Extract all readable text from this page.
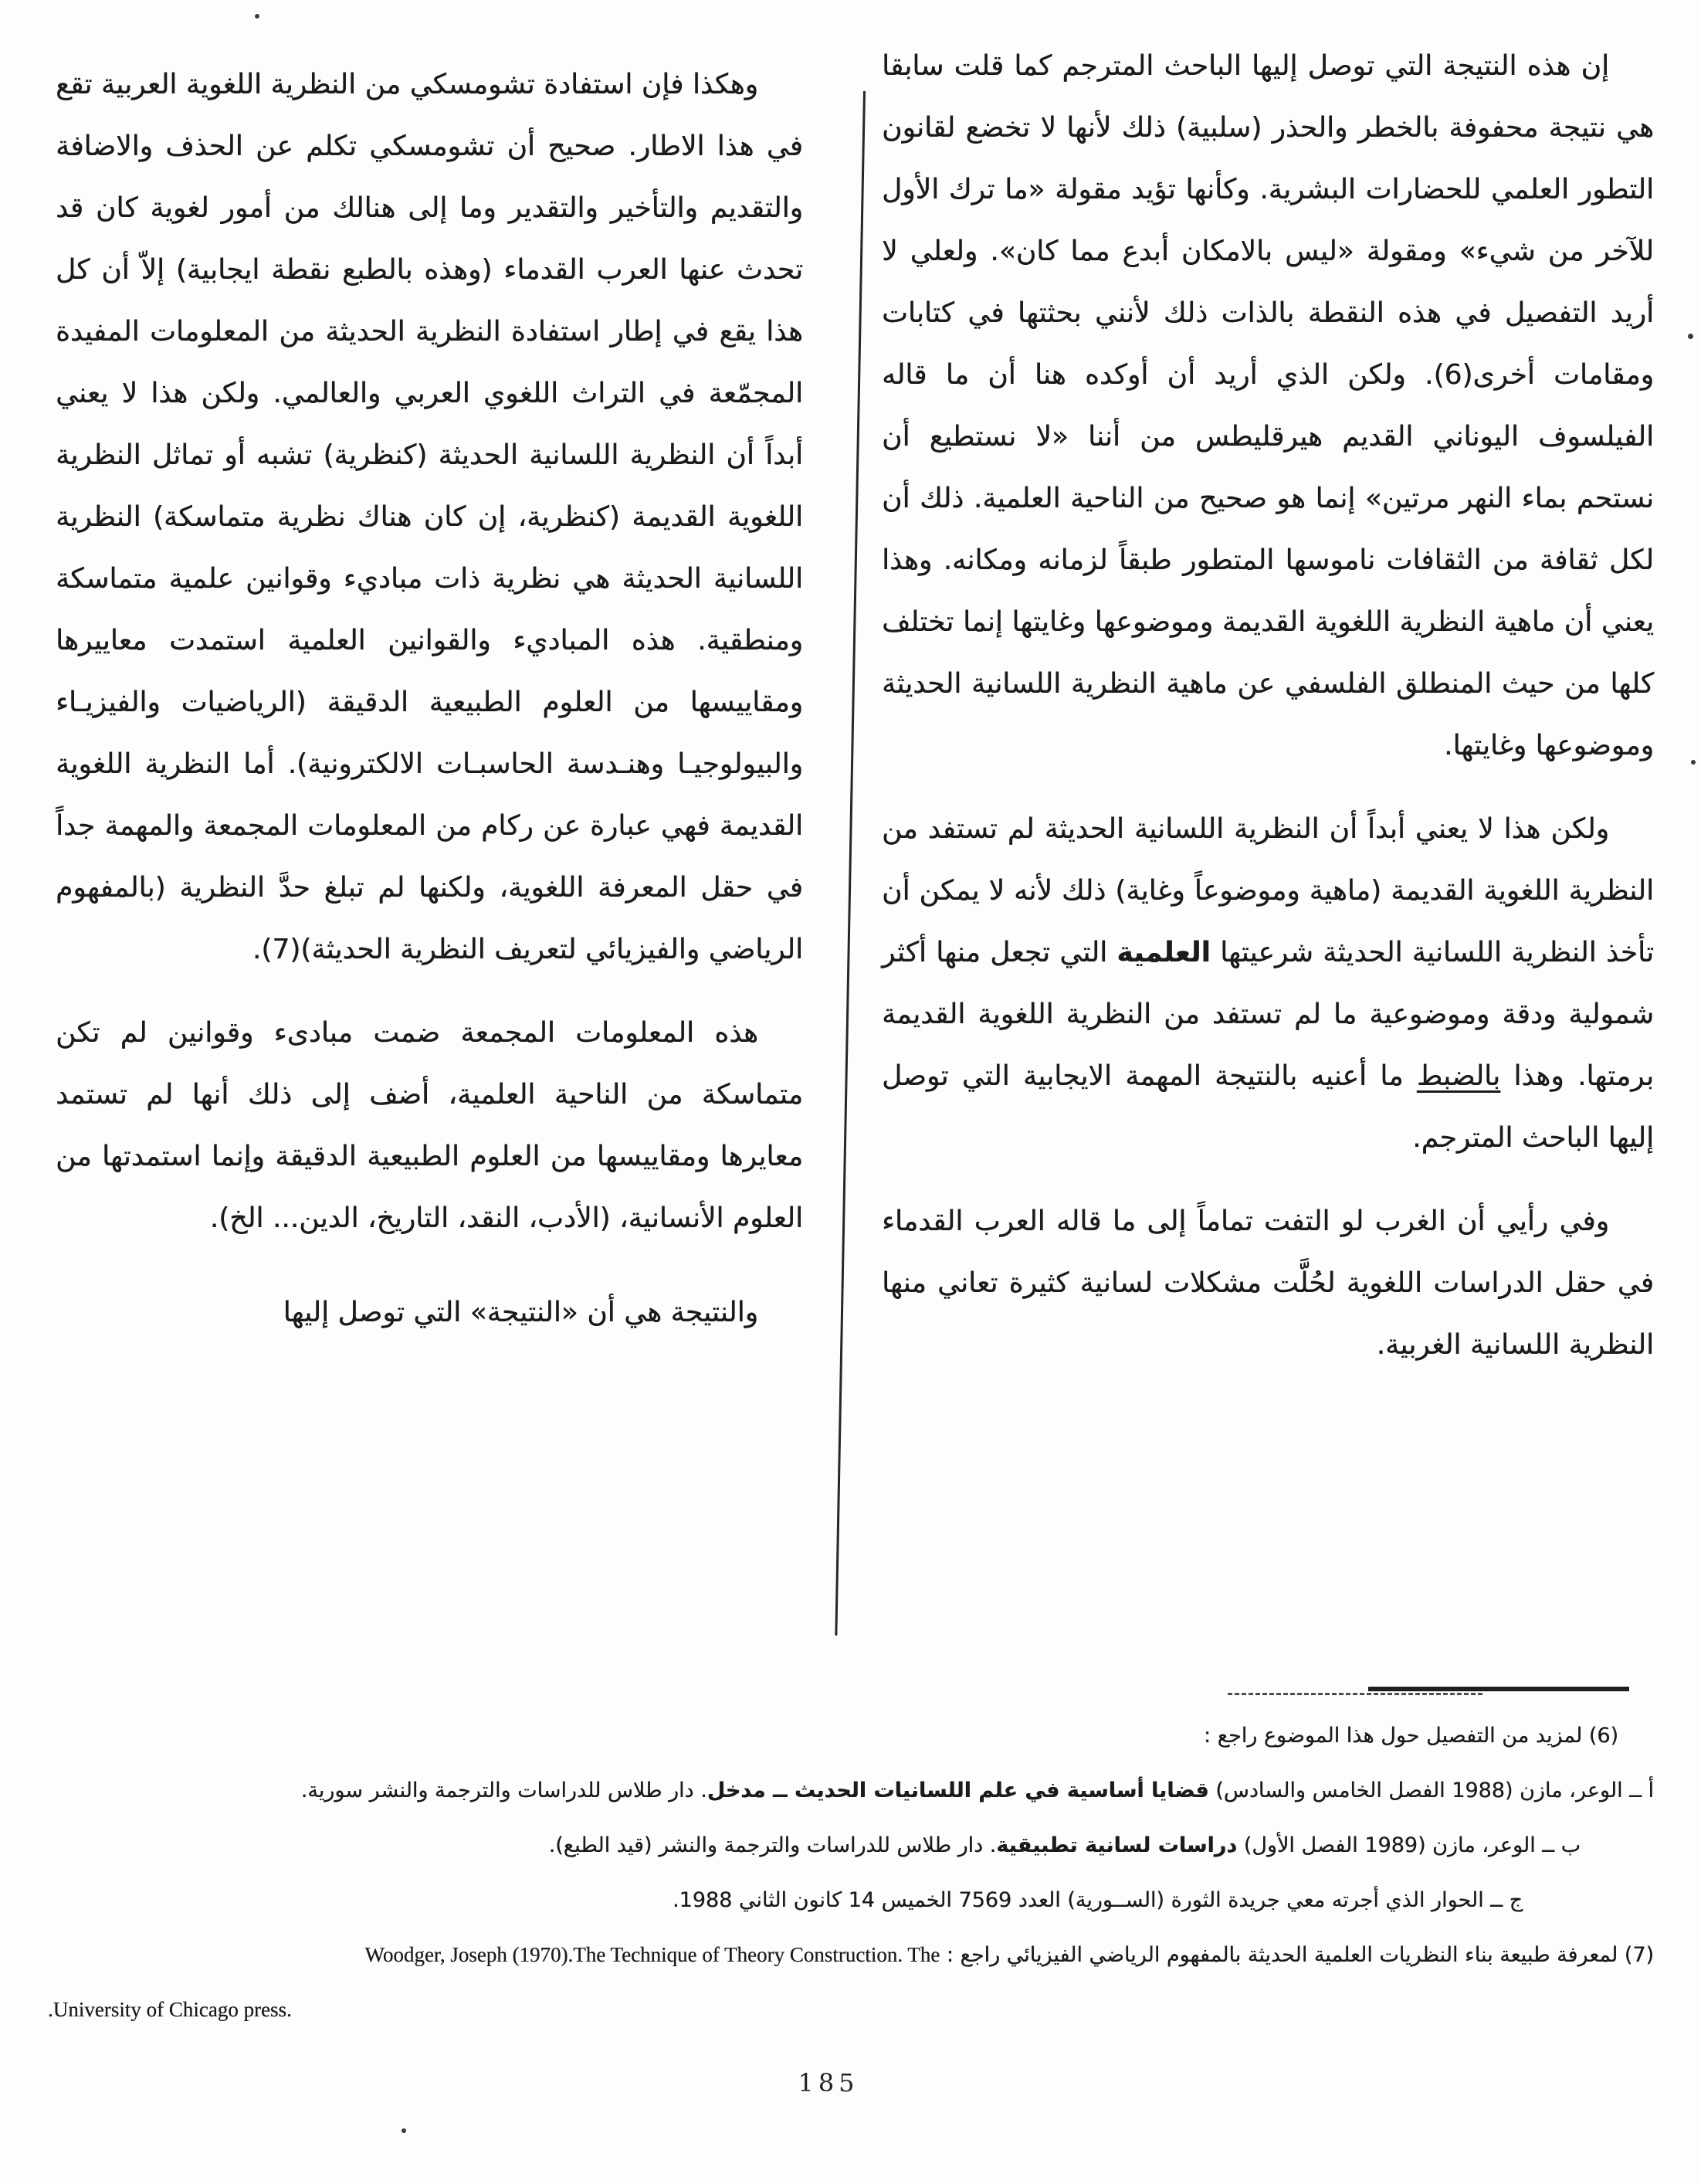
إن هذه النتيجة التي توصل إليها الباحث المترجم كما قلت سابقا هي نتيجة محفوفة بالخطر والحذر (سلبية) ذلك لأنها لا تخضع لقانون التطور العلمي للحضارات البشرية. وكأنها تؤيد مقولة «ما ترك الأول للآخر من شيء» ومقولة «ليس بالامكان أبدع مما كان». ولعلي لا أريد التفصيل في هذه النقطة بالذات ذلك لأنني بحثتها في كتابات ومقامات أخرى(6). ولكن الذي أريد أن أوكده هنا أن ما قاله الفيلسوف اليوناني القديم هيرقليطس من أننا «لا نستطيع أن نستحم بماء النهر مرتين» إنما هو صحيح من الناحية العلمية. ذلك أن لكل ثقافة من الثقافات ناموسها المتطور طبقاً لزمانه ومكانه. وهذا يعني أن ماهية النظرية اللغوية القديمة وموضوعها وغايتها إنما تختلف كلها من حيث المنطلق الفلسفي عن ماهية النظرية اللسانية الحديثة وموضوعها وغايتها.

ولكن هذا لا يعني أبداً أن النظرية اللسانية الحديثة لم تستفد من النظرية اللغوية القديمة (ماهية وموضوعاً وغاية) ذلك لأنه لا يمكن أن تأخذ النظرية اللسانية الحديثة شرعيتها العلمية التي تجعل منها أكثر شمولية ودقة وموضوعية ما لم تستفد من النظرية اللغوية القديمة برمتها. وهذا بالضبط ما أعنيه بالنتيجة المهمة الايجابية التي توصل إليها الباحث المترجم.

وفي رأيي أن الغرب لو التفت تماماً إلى ما قاله العرب القدماء في حقل الدراسات اللغوية لحُلَّت مشكلات لسانية كثيرة تعاني منها النظرية اللسانية الغربية.

وهكذا فإن استفادة تشومسكي من النظرية اللغوية العربية تقع في هذا الاطار. صحيح أن تشومسكي تكلم عن الحذف والاضافة والتقديم والتأخير والتقدير وما إلى هنالك من أمور لغوية كان قد تحدث عنها العرب القدماء (وهذه بالطبع نقطة ايجابية) إلاّ أن كل هذا يقع في إطار استفادة النظرية الحديثة من المعلومات المفيدة المجمّعة في التراث اللغوي العربي والعالمي. ولكن هذا لا يعني أبداً أن النظرية اللسانية الحديثة (كنظرية) تشبه أو تماثل النظرية اللغوية القديمة (كنظرية، إن كان هناك نظرية متماسكة) النظرية اللسانية الحديثة هي نظرية ذات مباديء وقوانين علمية متماسكة ومنطقية. هذه المباديء والقوانين العلمية استمدت معاييرها ومقاييسها من العلوم الطبيعية الدقيقة (الرياضيات والفيزيـاء والبيولوجيـا وهنـدسة الحاسبـات الالكترونية). أما النظرية اللغوية القديمة فهي عبارة عن ركام من المعلومات المجمعة والمهمة جداً في حقل المعرفة اللغوية، ولكنها لم تبلغ حدَّ النظرية (بالمفهوم الرياضي والفيزيائي لتعريف النظرية الحديثة)(7).

هذه المعلومات المجمعة ضمت مبادىء وقوانين لم تكن متماسكة من الناحية العلمية، أضف إلى ذلك أنها لم تستمد معايرها ومقاييسها من العلوم الطبيعية الدقيقة وإنما استمدتها من العلوم الأنسانية، (الأدب، النقد، التاريخ، الدين... الخ).

والنتيجة هي أن «النتيجة» التي توصل إليها

(6) لمزيد من التفصيل حول هذا الموضوع راجع :

أ ــ الوعر، مازن (1988 الفصل الخامس والسادس) قضايا أساسية في علم اللسانيات الحديث ــ مدخل. دار طلاس للدراسات والترجمة والنشر سورية.

ب ــ الوعر، مازن (1989 الفصل الأول) دراسات لسانية تطبيقية. دار طلاس للدراسات والترجمة والنشر (قيد الطبع).

ج ــ الحوار الذي أجرته معي جريدة الثورة (الســورية) العدد 7569 الخميس 14 كانون الثاني 1988.

(7) لمعرفة طبيعة بناء النظريات العلمية الحديثة بالمفهوم الرياضي الفيزيائي راجع : Woodger, Joseph (1970).The Technique of Theory Construction. The

.University of Chicago press.

185
